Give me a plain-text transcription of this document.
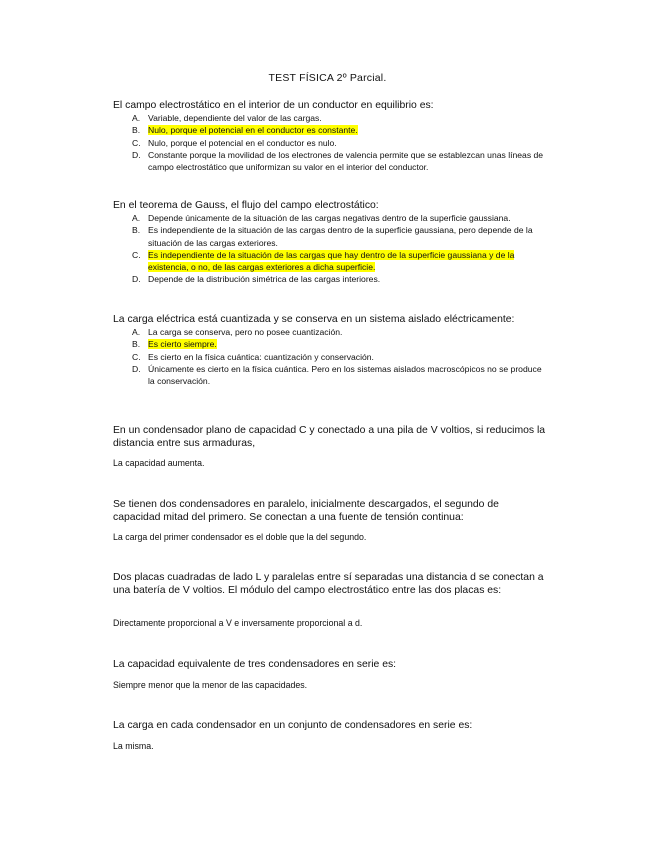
TEST FÍSICA 2º Parcial.
El campo electrostático en el interior de un conductor en equilibrio es:
A. Variable, dependiente del valor de las cargas.
B. Nulo, porque el potencial en el conductor es constante.
C. Nulo, porque el potencial en el conductor es nulo.
D. Constante porque la movilidad de los electrones de valencia permite que se establezcan unas líneas de campo electrostático que uniformizan su valor en el interior del conductor.
En el teorema de Gauss, el flujo del campo electrostático:
A. Depende únicamente de la situación de las cargas negativas dentro de la superficie gaussiana.
B. Es independiente de la situación de las cargas dentro de la superficie gaussiana, pero depende de la situación de las cargas exteriores.
C. Es independiente de la situación de las cargas que hay dentro de la superficie gaussiana y de la existencia, o no, de las cargas exteriores a dicha superficie.
D. Depende de la distribución simétrica de las cargas interiores.
La carga eléctrica está cuantizada y se conserva en un sistema aislado eléctricamente:
A. La carga se conserva, pero no posee cuantización.
B. Es cierto siempre.
C. Es cierto en la física cuántica: cuantización y conservación.
D. Únicamente es cierto en la física cuántica. Pero en los sistemas aislados macroscópicos no se produce la conservación.
En un condensador plano de capacidad C y conectado a una pila de V voltios, si reducimos la distancia entre sus armaduras,
La capacidad aumenta.
Se tienen dos condensadores en paralelo, inicialmente descargados, el segundo de capacidad mitad del primero. Se conectan a una fuente de tensión continua:
La carga del primer condensador es el doble que la del segundo.
Dos placas cuadradas de lado L y paralelas entre sí separadas una distancia d se conectan a una batería de V voltios. El módulo del campo electrostático entre las dos placas es:
Directamente proporcional a V e inversamente proporcional a d.
La capacidad equivalente de tres condensadores en serie es:
Siempre menor que la menor de las capacidades.
La carga en cada condensador en un conjunto de condensadores en serie es:
La misma.
